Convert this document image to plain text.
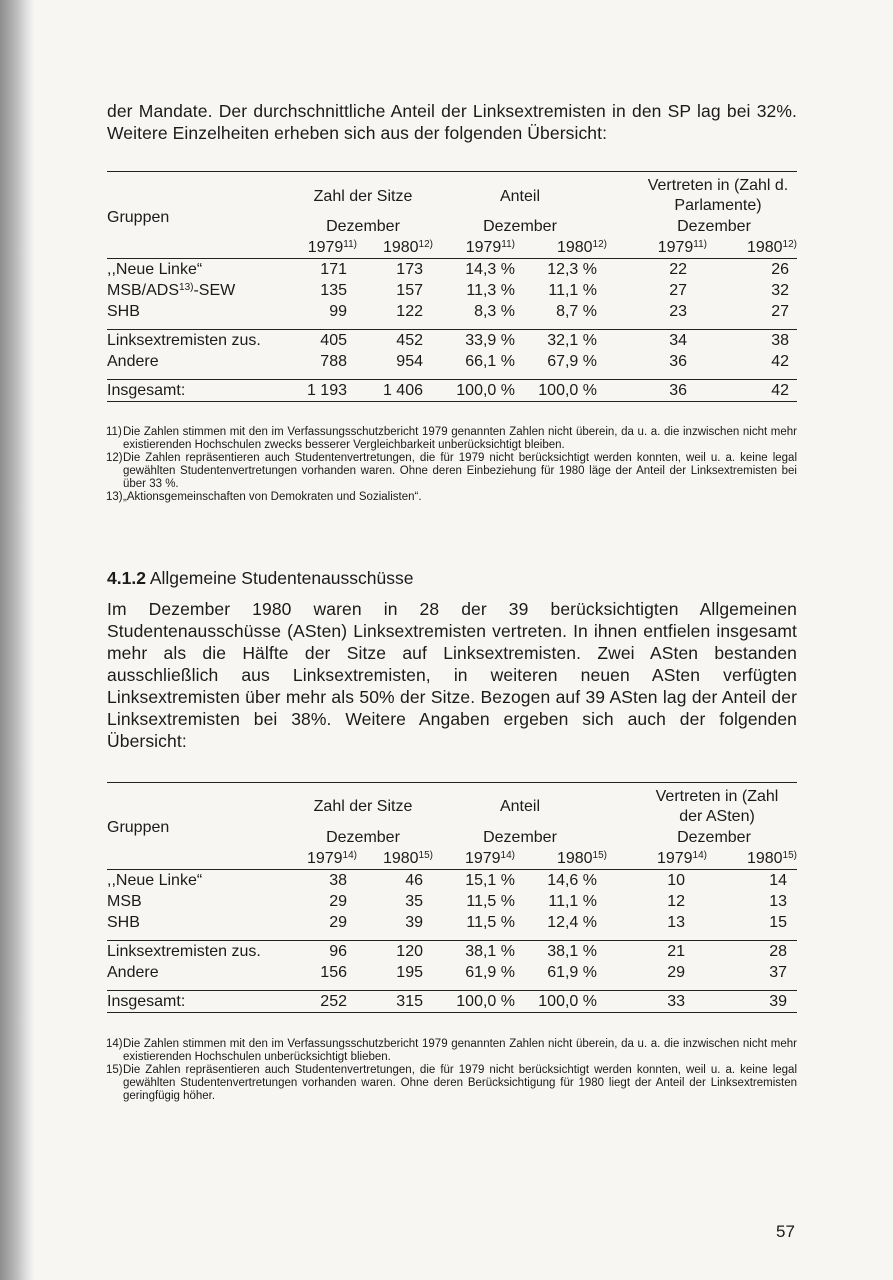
der Mandate. Der durchschnittliche Anteil der Linksextremisten in den SP lag bei 32%. Weitere Einzelheiten erheben sich aus der folgenden Übersicht:

Gruppen	Zahl der Sitze		Anteil		Vertreten in (Zahl d. Parlamente)	
	Dezember		Dezember		Dezember	
	1979$^{11)}$	1980$^{12)}$	1979$^{11)}$	1980$^{12)}$	1979$^{11)}$	1980$^{12)}$
,,Neue Linke“	171	173	14,3 %	12,3 %	22	26
MSB/ADS$^{13)}$-SEW	135	157	11,3 %	11,1 %	27	32
SHB	99	122	8,3 %	8,7 %	23	27

Linksextremisten zus.	405	452	33,9 %	32,1 %	34	38
Andere	788	954	66,1 %	67,9 %	36	42

Insgesamt:	1 193	1 406	100,0 %	100,0 %	36	42

11) Die Zahlen stimmen mit den im Verfassungsschutzbericht 1979 genannten Zahlen nicht überein, da u. a. die inzwischen nicht mehr existierenden Hochschulen zwecks besserer Vergleichbarkeit unberücksichtigt bleiben.

12) Die Zahlen repräsentieren auch Studentenvertretungen, die für 1979 nicht berücksichtigt werden konnten, weil u. a. keine legal gewählten Studentenvertretungen vorhanden waren. Ohne deren Einbeziehung für 1980 läge der Anteil der Linksextremisten bei über 33 %.

13) „Aktionsgemeinschaften von Demokraten und Sozialisten“.

4.1.2 Allgemeine Studentenausschüsse

Im Dezember 1980 waren in 28 der 39 berücksichtigten Allgemeinen Studentenausschüsse (ASten) Linksextremisten vertreten. In ihnen entfielen insgesamt mehr als die Hälfte der Sitze auf Linksextremisten. Zwei ASten bestanden ausschließlich aus Linksextremisten, in weiteren neuen ASten verfügten Linksextremisten über mehr als 50% der Sitze. Bezogen auf 39 ASten lag der Anteil der Linksextremisten bei 38%. Weitere Angaben ergeben sich auch der folgenden Übersicht:

Gruppen	Zahl der Sitze		Anteil		Vertreten in (Zahl der ASten)	
	Dezember		Dezember		Dezember	
	1979$^{14)}$	1980$^{15)}$	1979$^{14)}$	1980$^{15)}$	1979$^{14)}$	1980$^{15)}$
,,Neue Linke“	38	46	15,1 %	14,6 %	10	14
MSB	29	35	11,5 %	11,1 %	12	13
SHB	29	39	11,5 %	12,4 %	13	15

Linksextremisten zus.	96	120	38,1 %	38,1 %	21	28
Andere	156	195	61,9 %	61,9 %	29	37

Insgesamt:	252	315	100,0 %	100,0 %	33	39

14) Die Zahlen stimmen mit den im Verfassungsschutzbericht 1979 genannten Zahlen nicht überein, da u. a. die inzwischen nicht mehr existierenden Hochschulen unberücksichtigt blieben.

15) Die Zahlen repräsentieren auch Studentenvertretungen, die für 1979 nicht berücksichtigt werden konnten, weil u. a. keine legal gewählten Studentenvertretungen vorhanden waren. Ohne deren Berücksichtigung für 1980 liegt der Anteil der Linksextremisten geringfügig höher.

57
